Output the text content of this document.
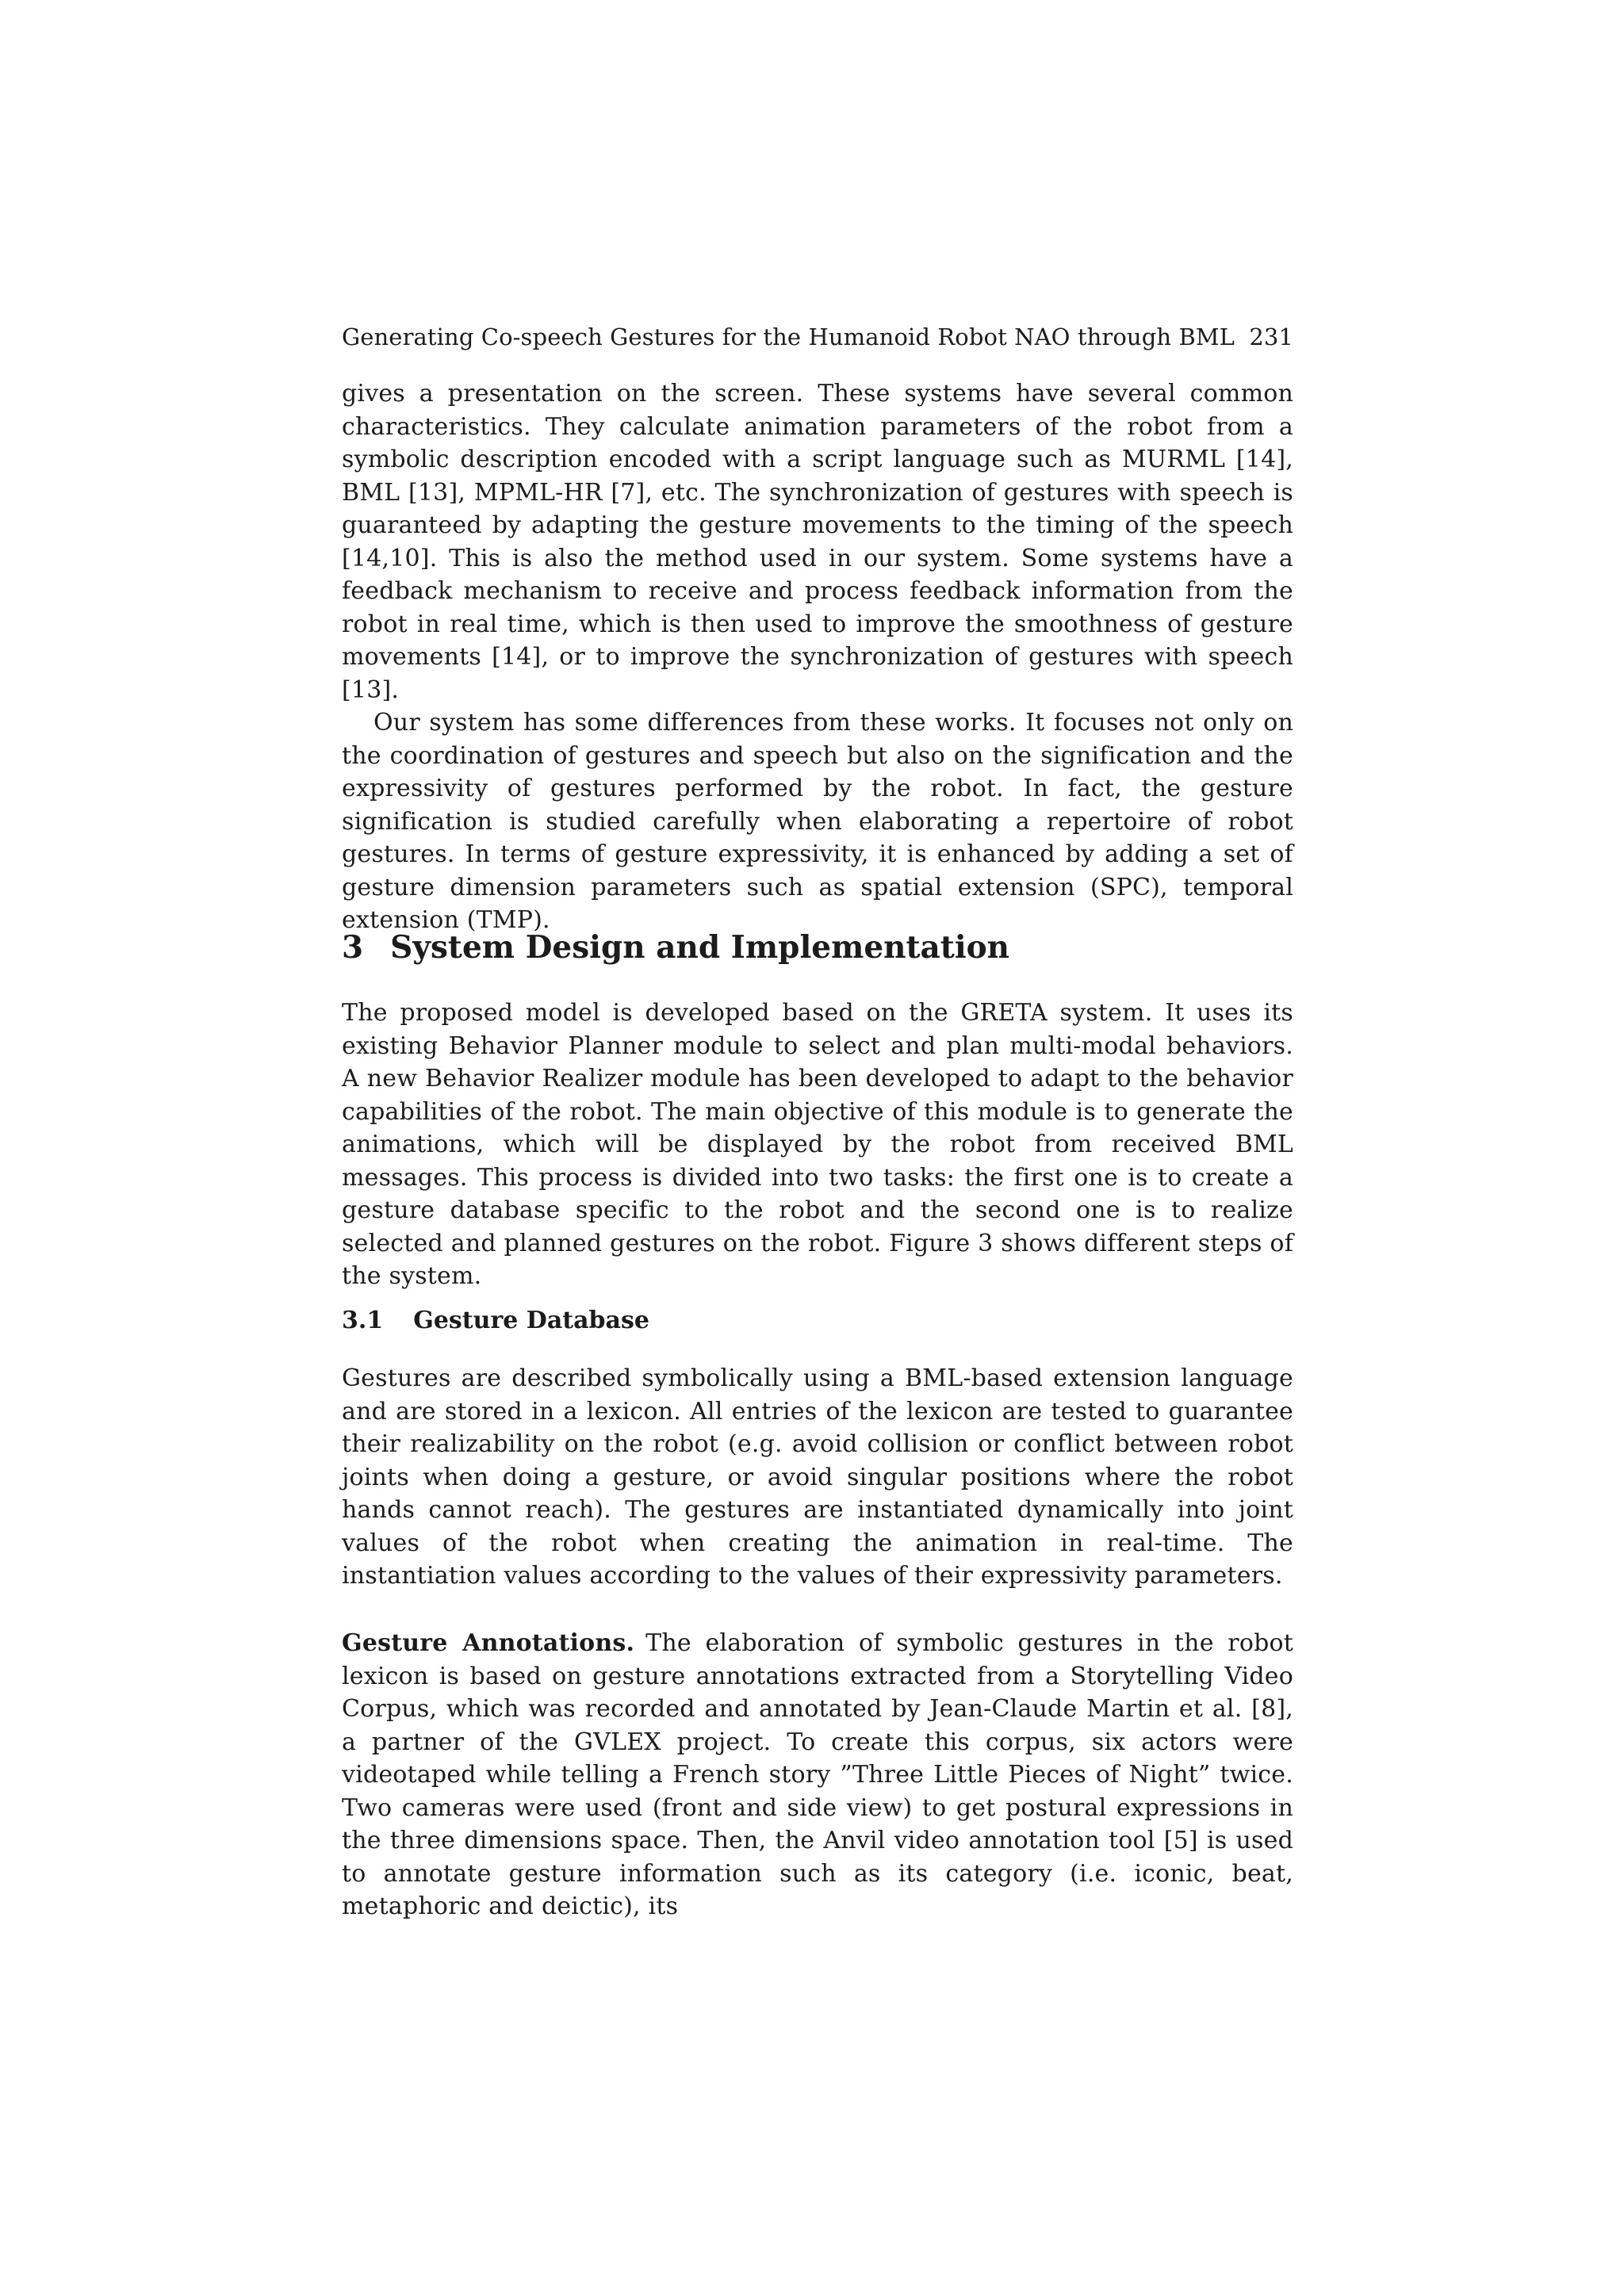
Generating Co-speech Gestures for the Humanoid Robot NAO through BML 231

gives a presentation on the screen. These systems have several common characteristics. They calculate animation parameters of the robot from a symbolic description encoded with a script language such as MURML [14], BML [13], MPML-HR [7], etc. The synchronization of gestures with speech is guaranteed by adapting the gesture movements to the timing of the speech [14,10]. This is also the method used in our system. Some systems have a feedback mechanism to receive and process feedback information from the robot in real time, which is then used to improve the smoothness of gesture movements [14], or to improve the synchronization of gestures with speech [13].

Our system has some differences from these works. It focuses not only on the coordination of gestures and speech but also on the signification and the expressivity of gestures performed by the robot. In fact, the gesture signification is studied carefully when elaborating a repertoire of robot gestures. In terms of gesture expressivity, it is enhanced by adding a set of gesture dimension parameters such as spatial extension (SPC), temporal extension (TMP).

3 System Design and Implementation

The proposed model is developed based on the GRETA system. It uses its existing Behavior Planner module to select and plan multi-modal behaviors. A new Behavior Realizer module has been developed to adapt to the behavior capabilities of the robot. The main objective of this module is to generate the animations, which will be displayed by the robot from received BML messages. This process is divided into two tasks: the first one is to create a gesture database specific to the robot and the second one is to realize selected and planned gestures on the robot. Figure 3 shows different steps of the system.

3.1 Gesture Database

Gestures are described symbolically using a BML-based extension language and are stored in a lexicon. All entries of the lexicon are tested to guarantee their realizability on the robot (e.g. avoid collision or conflict between robot joints when doing a gesture, or avoid singular positions where the robot hands cannot reach). The gestures are instantiated dynamically into joint values of the robot when creating the animation in real-time. The instantiation values according to the values of their expressivity parameters.

Gesture Annotations. The elaboration of symbolic gestures in the robot lexicon is based on gesture annotations extracted from a Storytelling Video Corpus, which was recorded and annotated by Jean-Claude Martin et al. [8], a partner of the GVLEX project. To create this corpus, six actors were videotaped while telling a French story ”Three Little Pieces of Night” twice. Two cameras were used (front and side view) to get postural expressions in the three dimensions space. Then, the Anvil video annotation tool [5] is used to annotate gesture information such as its category (i.e. iconic, beat, metaphoric and deictic), its
